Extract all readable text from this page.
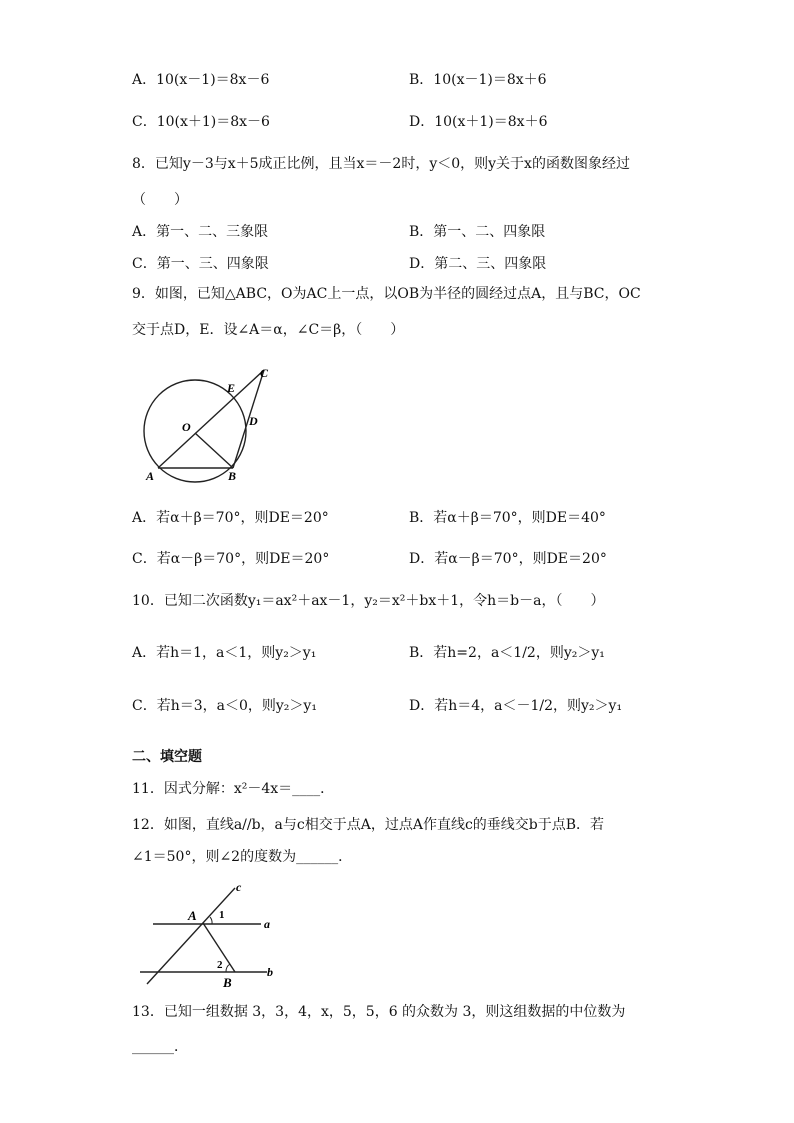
A．10(x－1)＝8x－6	B．10(x－1)＝8x＋6
C．10(x＋1)＝8x－6	D．10(x＋1)＝8x＋6
8．已知y－3与x＋5成正比例，且当x＝－2时，y＜0，则y关于x的函数图象经过
（　　）
A．第一、二、三象限	B．第一、二、四象限
C．第一、三、四象限	D．第二、三、四象限
9．如图，已知△ABC，O为AC上一点，以OB为半径的圆经过点A，且与BC，OC
交于点D，E．设∠A＝α，∠C＝β，（　　）
C
E
D
O
A	B
A．若α＋β＝70°，则DE＝20°	B．若α＋β＝70°，则DE＝40°
C．若α－β＝70°，则DE＝20°	D．若α－β＝70°，则DE＝20°
10．已知二次函数y₁＝ax²＋ax－1，y₂＝x²＋bx＋1，令h＝b－a，（　　）
A．若h＝1，a＜1，则y₂＞y₁	B．若h=2，a＜1/2，则y₂＞y₁
C．若h＝3，a＜0，则y₂＞y₁	D．若h＝4，a＜－1/2，则y₂＞y₁
二、填空题
11．因式分解：x²－4x＝____．
12．如图，直线a//b，a与c相交于点A，过点A作直线c的垂线交b于点B．若
∠1＝50°，则∠2的度数为______．
c
A 1
a
2	b
B
13．已知一组数据 3，3，4，x，5，5，6 的众数为 3，则这组数据的中位数为
______．
